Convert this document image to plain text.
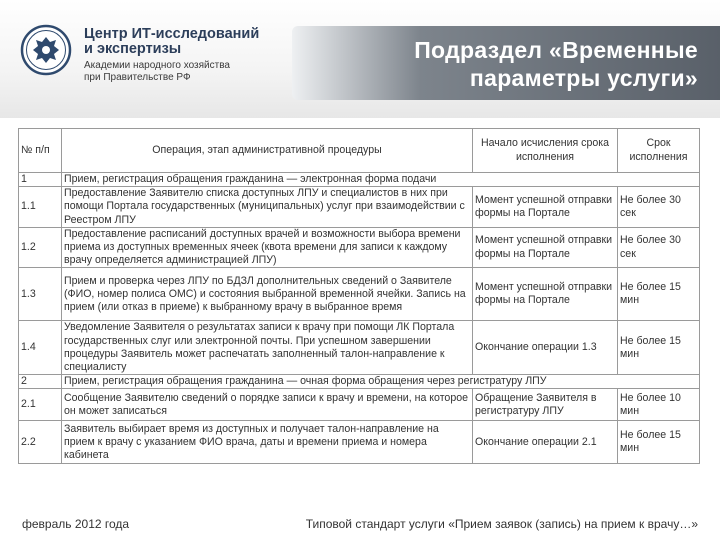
Центр ИТ-исследований
и экспертизы
Академии народного хозяйства
при Правительстве РФ
Подраздел «Временные
параметры услуги»
№ п/п	Операция, этап административной процедуры	Начало исчисления срока исполнения	Срок исполнения
1	Прием, регистрация обращения гражданина — электронная форма подачи		
1.1	Предоставление Заявителю списка доступных ЛПУ и специалистов в них при помощи Портала государственных (муниципальных) услуг при взаимодействии с Реестром ЛПУ	Момент успешной отправки формы на Портале	Не более 30 сек
1.2	Предоставление расписаний доступных врачей и возможности выбора времени приема из доступных временных ячеек (квота времени для записи к каждому врачу определяется администрацией ЛПУ)	Момент успешной отправки формы на Портале	Не более 30 сек
1.3	Прием и проверка через ЛПУ по БДЗЛ дополнительных сведений о Заявителе (ФИО, номер полиса ОМС) и состояния выбранной временной ячейки. Запись на прием (или отказ в приеме) к выбранному врачу в выбранное время	Момент успешной отправки формы на Портале	Не более 15 мин
1.4	Уведомление Заявителя о результатах записи к врачу при помощи ЛК Портала государственных слуг или электронной почты. При успешном завершении процедуры Заявитель может распечатать заполненный талон-направление к специалисту	Окончание операции 1.3	Не более 15 мин
2	Прием, регистрация обращения гражданина — очная форма обращения через регистратуру ЛПУ		
2.1	Сообщение Заявителю сведений о порядке записи к врачу и времени, на которое он может записаться	Обращение Заявителя в регистратуру ЛПУ	Не более 10 мин
2.2	Заявитель выбирает время из доступных и получает талон-направление на прием к врачу с указанием ФИО врача, даты и времени приема и номера кабинета	Окончание операции 2.1	Не более 15 мин
февраль 2012 года	Типовой стандарт услуги «Прием заявок (запись) на прием к врачу…»
